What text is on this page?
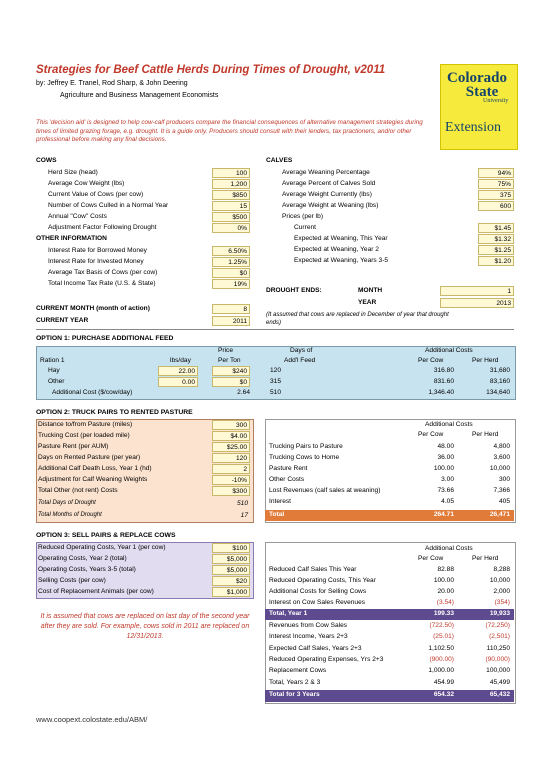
Strategies for Beef Cattle Herds During Times of Drought, v2011
by: Jeffrey E. Tranel, Rod Sharp, & John Deering
Agriculture and Business Management Economists
Colorado
State
University
Extension
This 'decision aid' is designed to help cow-calf producers compare the financial consequences of alternative management strategies during times of limited grazing forage, e.g. drought. It is a guide only. Producers should consult with their lenders, tax practioners, and/or other professional before making any final decisions.
COWS
OTHER INFORMATION
CALVES
DROUGHT ENDS:	MONTH	1
YEAR	2013
(It assumed that cows are replaced in December of year that drought ends)
CURRENT MONTH (month of action)	8
CURRENT YEAR	2011
OPTION 1: PURCHASE ADDITIONAL FEED
Price	Days of	Additional Costs
Ration 1	lbs/day	Per Ton	Add'l Feed	Per Cow	Per Herd
Additional Cost ($/cow/day)	2.64	510	1,346.40	134,640
OPTION 2: TRUCK PAIRS TO RENTED PASTURE
Total Days of Drought	510
Total Months of Drought	17
Additional Costs
Per Cow	Per Herd
Total	264.71	26,471
OPTION 3: SELL PAIRS & REPLACE COWS
It is assumed that cows are replaced on last day of the second year after they are sold. For example, cows sold in 2011 are replaced on 12/31/2013.
Additional Costs
Per Cow	Per Herd
Total, Year 1	199.33	19,933
Total for 3 Years	654.32	65,432
www.coopext.colostate.edu/ABM/
Herd Size (head)	100
Average Cow Weight (lbs)	1,200
Current Value of Cows (per cow)	$850
Number of Cows Culled in a Normal Year	15
Annual "Cow" Costs	$500
Adjustment Factor Following Drought	0%
Interest Rate for Borrowed Money	6.50%
Interest Rate for Invested Money	1.25%
Average Tax Basis of Cows (per cow)	$0
Total Income Tax Rate (U.S. & State)	19%
Average Weaning Percentage	94%
Average Percent of Calves Sold	75%
Average Weight Currently (lbs)	375
Average Weight at Weaning (lbs)	600
Prices (per lb)
Current	$1.45
Expected at Weaning, This Year	$1.32
Expected at Weaning, Year 2	$1.25
Expected at Weaning, Years 3-5	$1.20
Hay	22.00	$240	120	316.80	31,680
Other	0.00	$0	315	831.60	83,160
Distance to/from Pasture (miles)	300
Trucking Cost (per loaded mile)	$4.00
Pasture Rent (per AUM)	$25.00
Days on Rented Pasture (per year)	120
Additional Calf Death Loss, Year 1 (hd)	2
Adjustment for Calf Weaning Weights	-10%
Total Other (not rent) Costs	$300
Trucking Pairs to Pasture	48.00	4,800
Trucking Cows to Home	36.00	3,600
Pasture Rent	100.00	10,000
Other Costs	3.00	300
Lost Revenues (calf sales at weaning)	73.66	7,366
Interest	4.05	405
Reduced Operating Costs, Year 1 (per cow)	$100
Operating Costs, Year 2 (total)	$5,000
Operating Costs, Years 3-5 (total)	$5,000
Selling Costs (per cow)	$20
Cost of Replacement Animals (per cow)	$1,000
Reduced Calf Sales This Year	82.88	8,288
Reduced Operating Costs, This Year	100.00	10,000
Additional Costs for Selling Cows	20.00	2,000
Interest on Cow Sales Revenues	(3.54)	(354)
Revenues from Cow Sales	(722.50)	(72,250)
Interest Income, Years 2+3	(25.01)	(2,501)
Expected Calf Sales, Years 2+3	1,102.50	110,250
Reduced Operating Expenses, Yrs 2+3	(900.00)	(90,000)
Replacement Cows	1,000.00	100,000
Total, Years 2 & 3	454.99	45,499
